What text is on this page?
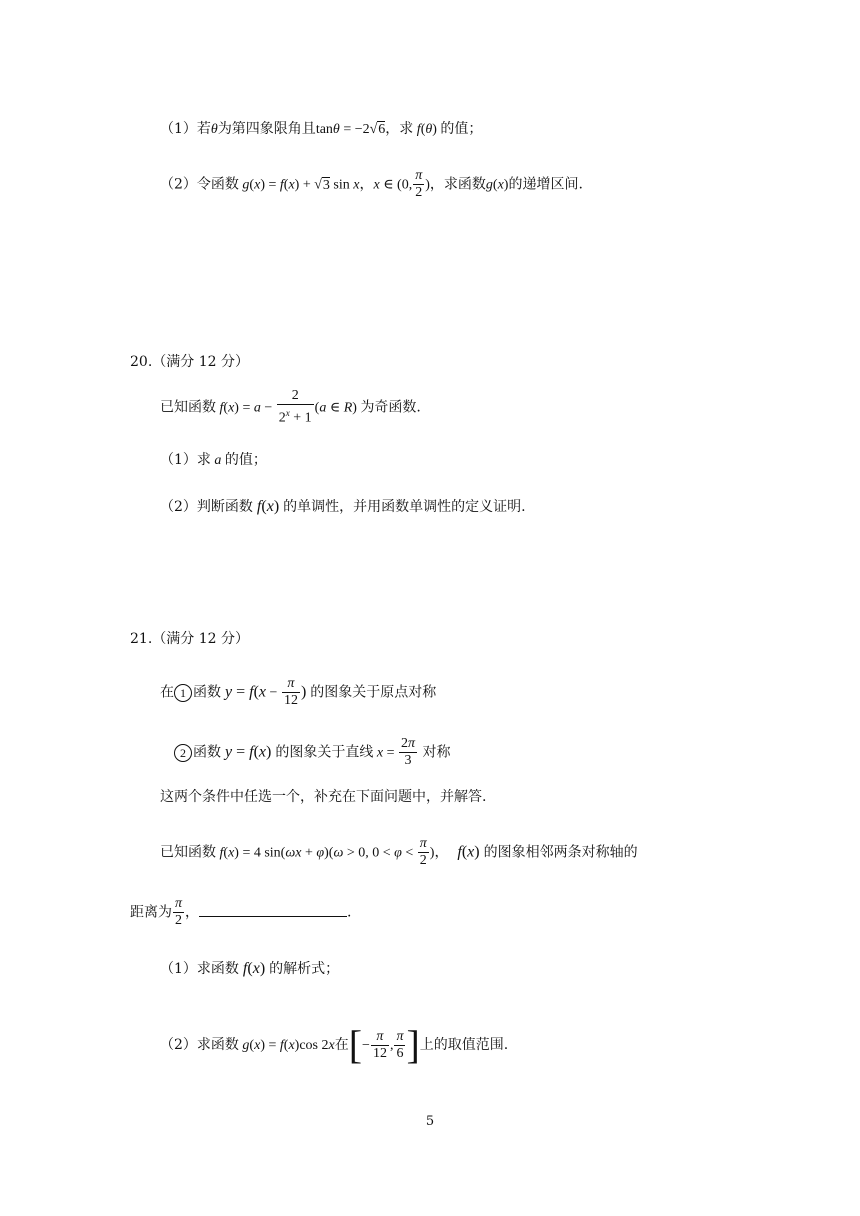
（1）若θ为第四象限角且tanθ = −2√6，求 f(θ) 的值；
（2）令函数 g(x) = f(x) + √3 sin x，x ∈ (0, $\frac{\pi}{2}$ )，求函数g(x)的递增区间.
20.（满分 12 分）
已知函数 $f(x) = a - \frac{2}{2^x + 1} (a$ ∈ R) 为奇函数.
（1）求 a 的值；
（2）判断函数 f(x) 的单调性，并用函数单调性的定义证明.
21.（满分 12 分）
在 1 函数 $y = f(x - \frac{\pi}{12}$ ) 的图象关于原点对称
2 函数 y = f(x) 的图象关于直线 $x = \frac{2\pi}{3}$ 对称
这两个条件中任选一个，补充在下面问题中，并解答.
已知函数 f(x) = 4 sin(ωx + φ)(ω > 0, $0 < \varphi < \frac{\pi}{2}$ )， f(x) 的图象相邻两条对称轴的
距离为 $\frac{\pi}{2}$ ，	.
（1）求函数 f(x) 的解析式；
（2）求函数 g(x) = f(x)cos 2x在[− $\frac{\pi}{12}$ , $\frac{\pi}{6}$ ]上的取值范围.
5
